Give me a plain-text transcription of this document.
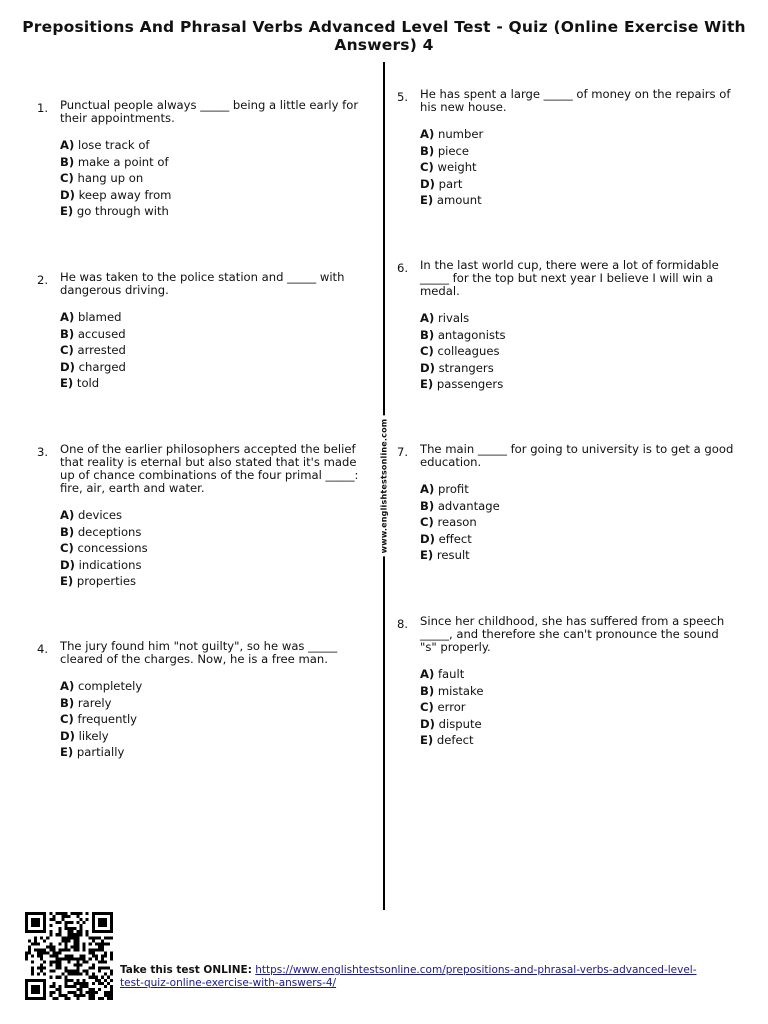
Prepositions And Phrasal Verbs Advanced Level Test - Quiz (Online Exercise With Answers) 4
www.englishtestsonline.com
1. Punctual people always _____ being a little early for their appointments.

A) lose track of
B) make a point of
C) hang up on
D) keep away from
E) go through with
2. He was taken to the police station and _____ with dangerous driving.

A) blamed
B) accused
C) arrested
D) charged
E) told
3. One of the earlier philosophers accepted the belief that reality is eternal but also stated that it's made up of chance combinations of the four primal _____: fire, air, earth and water.

A) devices
B) deceptions
C) concessions
D) indications
E) properties
4. The jury found him "not guilty", so he was _____ cleared of the charges. Now, he is a free man.

A) completely
B) rarely
C) frequently
D) likely
E) partially
5. He has spent a large _____ of money on the repairs of his new house.

A) number
B) piece
C) weight
D) part
E) amount
6. In the last world cup, there were a lot of formidable _____ for the top but next year I believe I will win a medal.

A) rivals
B) antagonists
C) colleagues
D) strangers
E) passengers
7. The main _____ for going to university is to get a good education.

A) profit
B) advantage
C) reason
D) effect
E) result
8. Since her childhood, she has suffered from a speech _____, and therefore she can't pronounce the sound "s" properly.

A) fault
B) mistake
C) error
D) dispute
E) defect
Take this test ONLINE: https://www.englishtestsonline.com/prepositions-and-phrasal-verbs-advanced-level-test-quiz-online-exercise-with-answers-4/
